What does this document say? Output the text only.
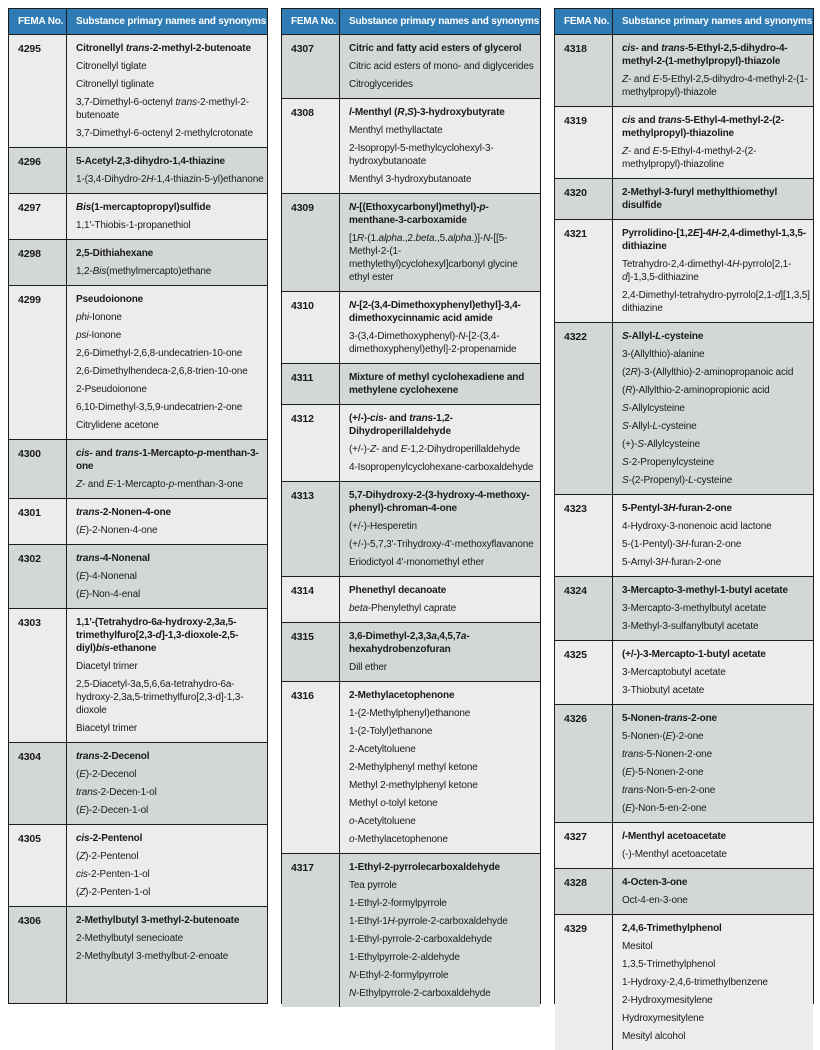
FEMA No.	Substance primary names and synonyms
4295	Citronellyl trans-2-methyl-2-butenoate
Citronellyl tiglate
Citronellyl tiglinate
3,7-Dimethyl-6-octenyl trans-2-methyl-2-butenoate
3,7-Dimethyl-6-octenyl 2-methylcrotonate
4296	5-Acetyl-2,3-dihydro-1,4-thiazine
1-(3,4-Dihydro-2H-1,4-thiazin-5-yl)ethanone
4297	Bis(1-mercaptopropyl)sulfide
1,1'-Thiobis-1-propanethiol
4298	2,5-Dithiahexane
1,2-Bis(methylmercapto)ethane
4299	Pseudoionone
phi-Ionone
psi-Ionone
2,6-Dimethyl-2,6,8-undecatrien-10-one
2,6-Dimethylhendeca-2,6,8-trien-10-one
2-Pseudoionone
6,10-Dimethyl-3,5,9-undecatrien-2-one
Citrylidene acetone
4300	cis- and trans-1-Mercapto-p-menthan-3-one
Z- and E-1-Mercapto-p-menthan-3-one
4301	trans-2-Nonen-4-one
(E)-2-Nonen-4-one
4302	trans-4-Nonenal
(E)-4-Nonenal
(E)-Non-4-enal
4303	1,1'-(Tetrahydro-6a-hydroxy-2,3a,5-trimethylfuro[2,3-d]-1,3-dioxole-2,5-diyl)bis-ethanone
Diacetyl trimer
2,5-Diacetyl-3a,5,6,6a-tetrahydro-6a-hydroxy-2,3a,5-trimethylfuro[2,3-d]-1,3-dioxole
Biacetyl trimer
4304	trans-2-Decenol
(E)-2-Decenol
trans-2-Decen-1-ol
(E)-2-Decen-1-ol
4305	cis-2-Pentenol
(Z)-2-Pentenol
cis-2-Penten-1-ol
(Z)-2-Penten-1-ol
4306	2-Methylbutyl 3-methyl-2-butenoate
2-Methylbutyl senecioate
2-Methylbutyl 3-methylbut-2-enoate
FEMA No.	Substance primary names and synonyms
4307	Citric and fatty acid esters of glycerol
Citric acid esters of mono- and diglycerides
Citroglycerides
4308	l-Menthyl (R,S)-3-hydroxybutyrate
Menthyl methyllactate
2-Isopropyl-5-methylcyclohexyl-3-hydroxybutanoate
Menthyl 3-hydroxybutanoate
4309	N-[(Ethoxycarbonyl)methyl)-p-menthane-3-carboxamide
[1R-(1.alpha.,2.beta.,5.alpha.)]-N-[[5-Methyl-2-(1-methylethyl)cyclohexyl]carbonyl glycine ethyl ester
4310	N-[2-(3,4-Dimethoxyphenyl)ethyl]-3,4-dimethoxycinnamic acid amide
3-(3,4-Dimethoxyphenyl)-N-[2-(3,4-dimethoxyphenyl)ethyl]-2-propenamide
4311	Mixture of methyl cyclohexadiene and methylene cyclohexene
4312	(+/-)-cis- and trans-1,2-Dihydroperillaldehyde
(+/-)-Z- and E-1,2-Dihydroperillaldehyde
4-Isopropenylcyclohexane-carboxaldehyde
4313	5,7-Dihydroxy-2-(3-hydroxy-4-methoxy-phenyl)-chroman-4-one
(+/-)-Hesperetin
(+/-)-5,7,3'-Trihydroxy-4'-methoxyflavanone
Eriodictyol 4'-monomethyl ether
4314	Phenethyl decanoate
beta-Phenylethyl caprate
4315	3,6-Dimethyl-2,3,3a,4,5,7a-hexahydrobenzofuran
Dill ether
4316	2-Methylacetophenone
1-(2-Methylphenyl)ethanone
1-(2-Tolyl)ethanone
2-Acetyltoluene
2-Methylphenyl methyl ketone
Methyl 2-methylphenyl ketone
Methyl o-tolyl ketone
o-Acetyltoluene
o-Methylacetophenone
4317	1-Ethyl-2-pyrrolecarboxaldehyde
Tea pyrrole
1-Ethyl-2-formylpyrrole
1-Ethyl-1H-pyrrole-2-carboxaldehyde
1-Ethyl-pyrrole-2-carboxaldehyde
1-Ethylpyrrole-2-aldehyde
N-Ethyl-2-formylpyrrole
N-Ethylpyrrole-2-carboxaldehyde
FEMA No.	Substance primary names and synonyms
4318	cis- and trans-5-Ethyl-2,5-dihydro-4-methyl-2-(1-methylpropyl)-thiazole
Z- and E-5-Ethyl-2,5-dihydro-4-methyl-2-(1-methylpropyl)-thiazole
4319	cis and trans-5-Ethyl-4-methyl-2-(2-methylpropyl)-thiazoline
Z- and E-5-Ethyl-4-methyl-2-(2-methylpropyl)-thiazoline
4320	2-Methyl-3-furyl methylthiomethyl disulfide
4321	Pyrrolidino-[1,2E]-4H-2,4-dimethyl-1,3,5-dithiazine
Tetrahydro-2,4-dimethyl-4H-pyrrolo[2,1-d]-1,3,5-dithiazine
2,4-Dimethyl-tetrahydro-pyrrolo[2,1-d][1,3,5] dithiazine
4322	S-Allyl-L-cysteine
3-(Allylthio)-alanine
(2R)-3-(Allylthio)-2-aminopropanoic acid
(R)-Allylthio-2-aminopropionic acid
S-Allylcysteine
S-Allyl-L-cysteine
(+)-S-Allylcysteine
S-2-Propenylcysteine
S-(2-Propenyl)-L-cysteine
4323	5-Pentyl-3H-furan-2-one
4-Hydroxy-3-nonenoic acid lactone
5-(1-Pentyl)-3H-furan-2-one
5-Amyl-3H-furan-2-one
4324	3-Mercapto-3-methyl-1-butyl acetate
3-Mercapto-3-methylbutyl acetate
3-Methyl-3-sulfanylbutyl acetate
4325	(+/-)-3-Mercapto-1-butyl acetate
3-Mercaptobutyl acetate
3-Thiobutyl acetate
4326	5-Nonen-trans-2-one
5-Nonen-(E)-2-one
trans-5-Nonen-2-one
(E)-5-Nonen-2-one
trans-Non-5-en-2-one
(E)-Non-5-en-2-one
4327	l-Menthyl acetoacetate
(-)-Menthyl acetoacetate
4328	4-Octen-3-one
Oct-4-en-3-one
4329	2,4,6-Trimethylphenol
Mesitol
1,3,5-Trimethylphenol
1-Hydroxy-2,4,6-trimethylbenzene
2-Hydroxymesitylene
Hydroxymesitylene
Mesityl alcohol
